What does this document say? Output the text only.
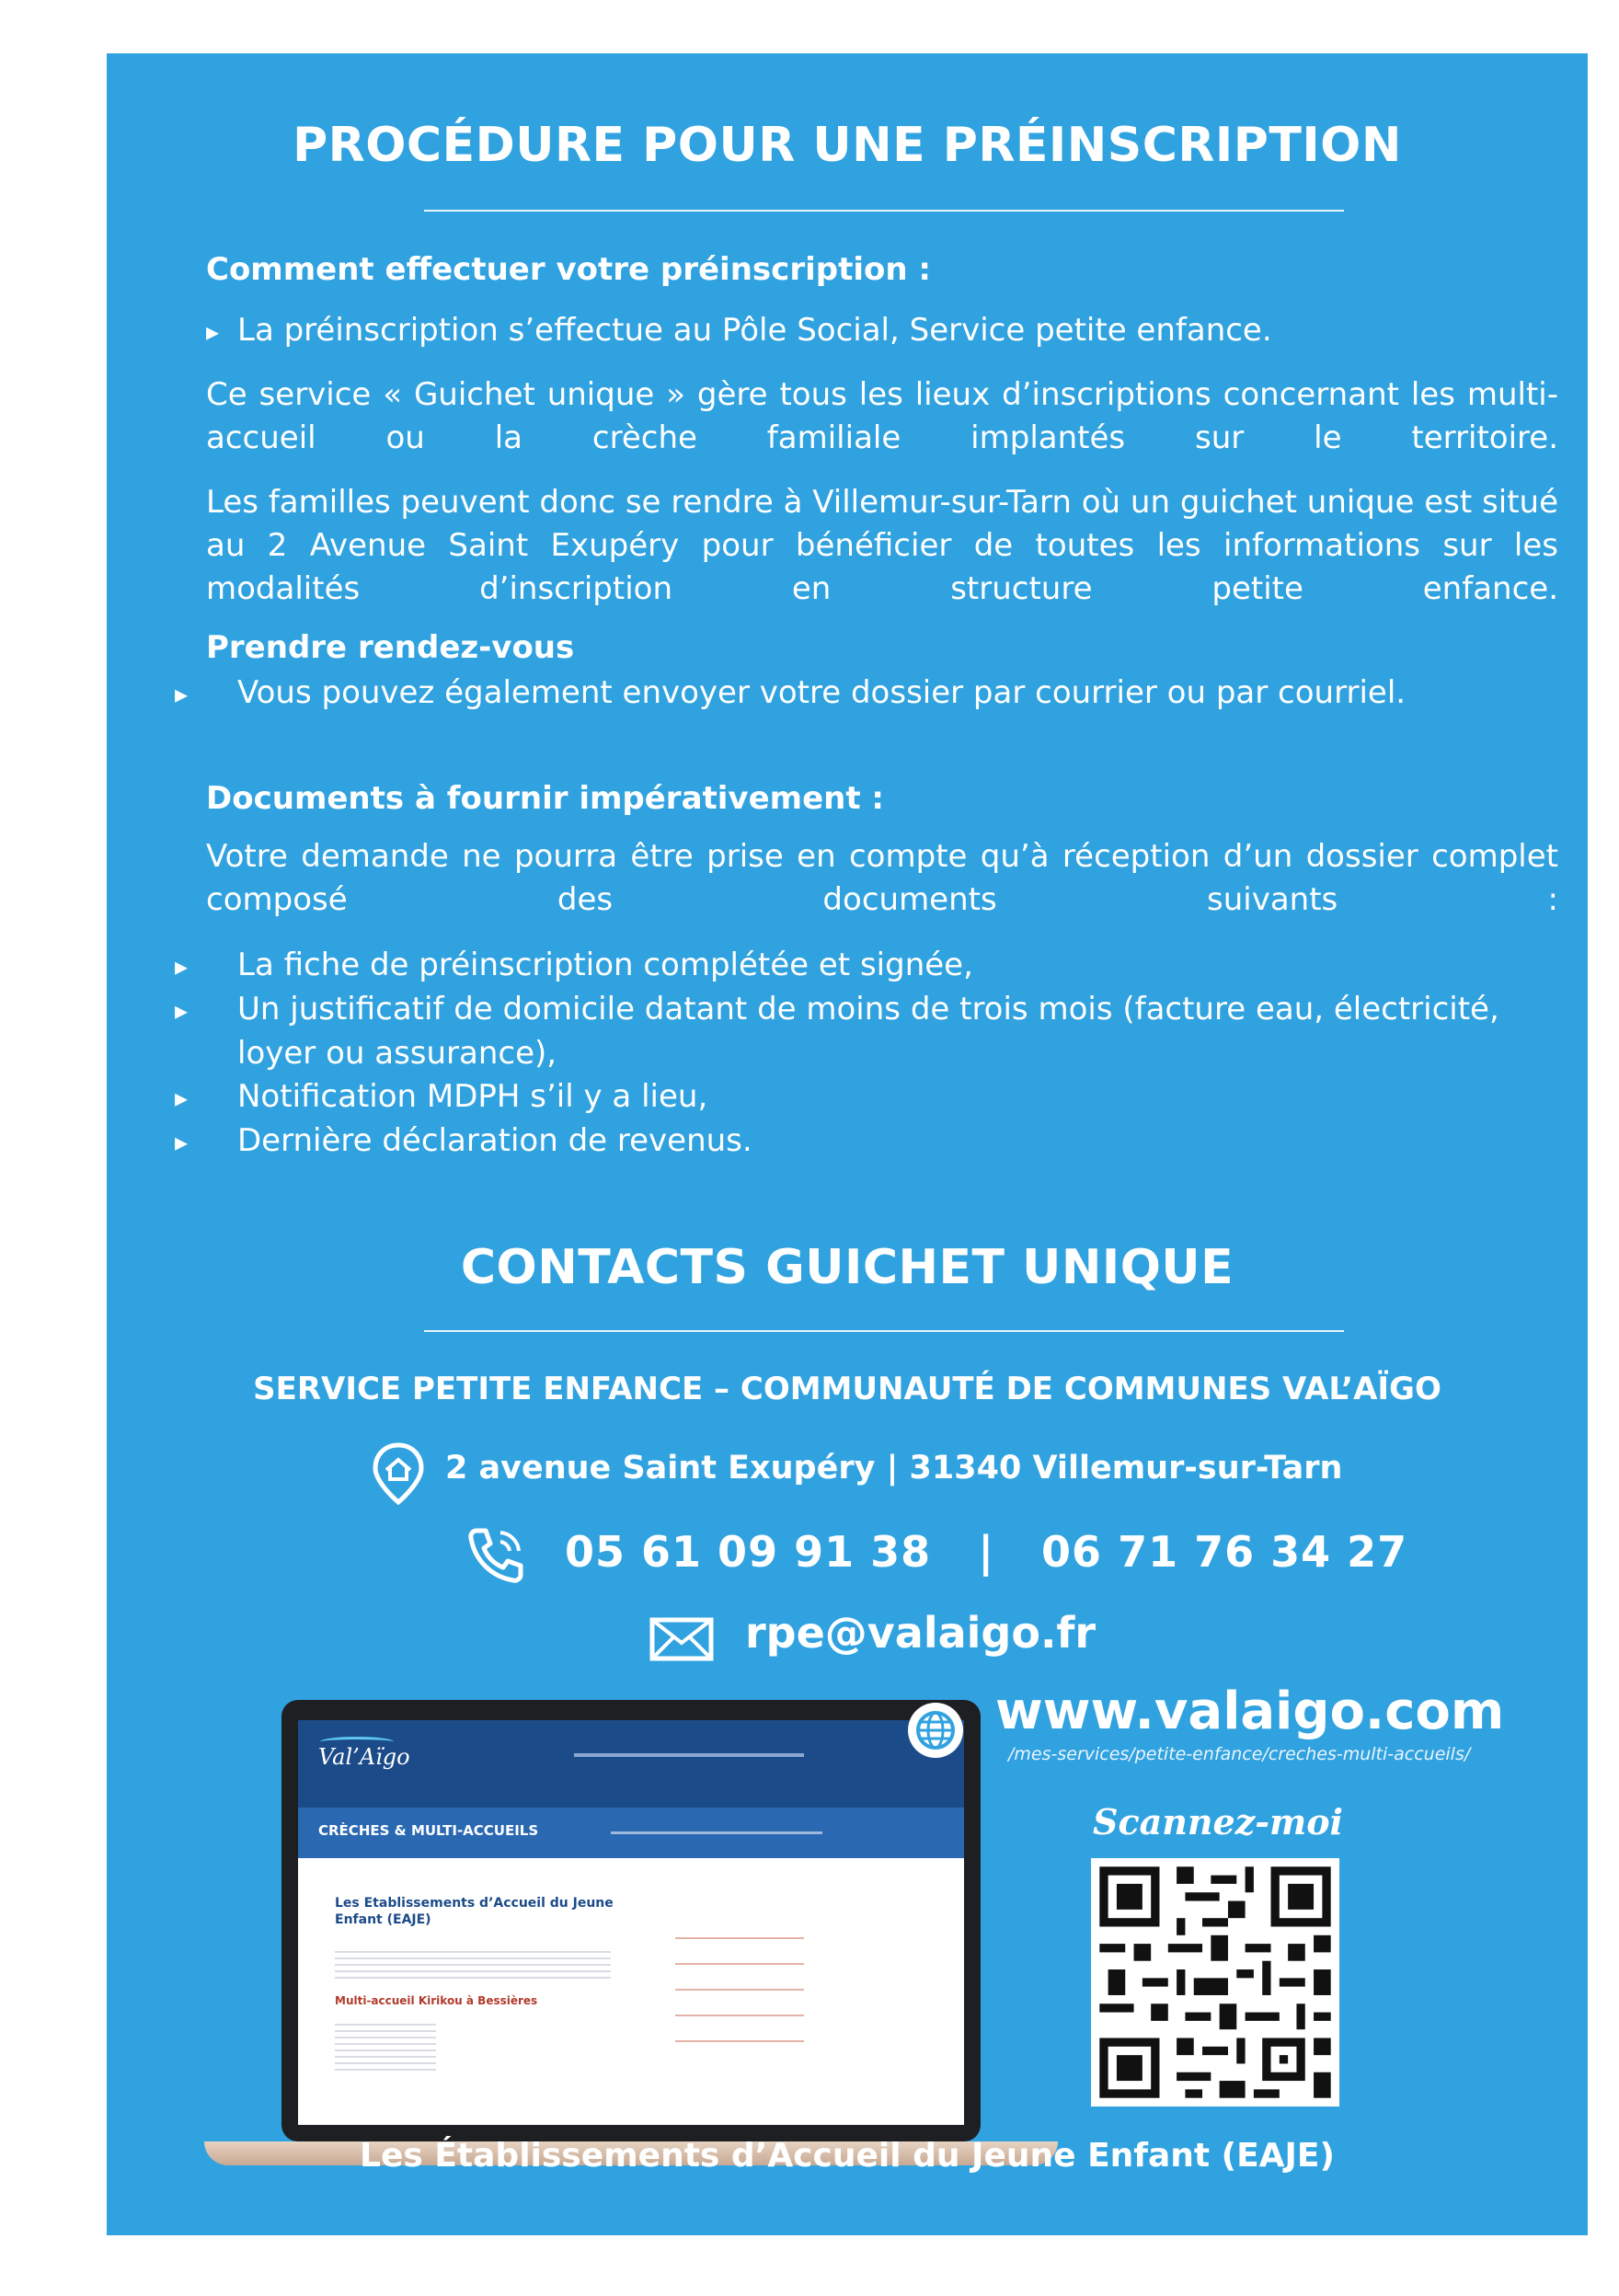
PROCÉDURE POUR UNE PRÉINSCRIPTION
Comment effectuer votre préinscription :
▸ La préinscription s’effectue au Pôle Social, Service petite enfance.
Ce service « Guichet unique » gère tous les lieux d’inscriptions concernant les multi-accueil ou la crèche familiale implantés sur le territoire.
Les familles peuvent donc se rendre à Villemur-sur-Tarn où un guichet unique est situé au 2 Avenue Saint Exupéry pour bénéficier de toutes les informations sur les modalités d’inscription en structure petite enfance.
Prendre rendez-vous
▸ Vous pouvez également envoyer votre dossier par courrier ou par courriel.
Documents à fournir impérativement :
Votre demande ne pourra être prise en compte qu’à réception d’un dossier complet composé des documents suivants :
▸ La fiche de préinscription complétée et signée,
▸ Un justificatif de domicile datant de moins de trois mois (facture eau, électricité, loyer ou assurance),
▸ Notification MDPH s’il y a lieu,
▸ Dernière déclaration de revenus.
CONTACTS GUICHET UNIQUE
SERVICE PETITE ENFANCE – COMMUNAUTÉ DE COMMUNES VAL’AÏGO
2 avenue Saint Exupéry | 31340 Villemur-sur-Tarn
05 61 09 91 38 | 06 71 76 34 27
rpe@valaigo.fr
Val’Aïgo
CRÈCHES & MULTI-ACCUEILS
Les Etablissements d’Accueil du Jeune Enfant (EAJE)
Multi-accueil Kirikou à Bessières
www.valaigo.com
/mes-services/petite-enfance/creches-multi-accueils/
Scannez-moi
Les Établissements d’Accueil du Jeune Enfant (EAJE)
